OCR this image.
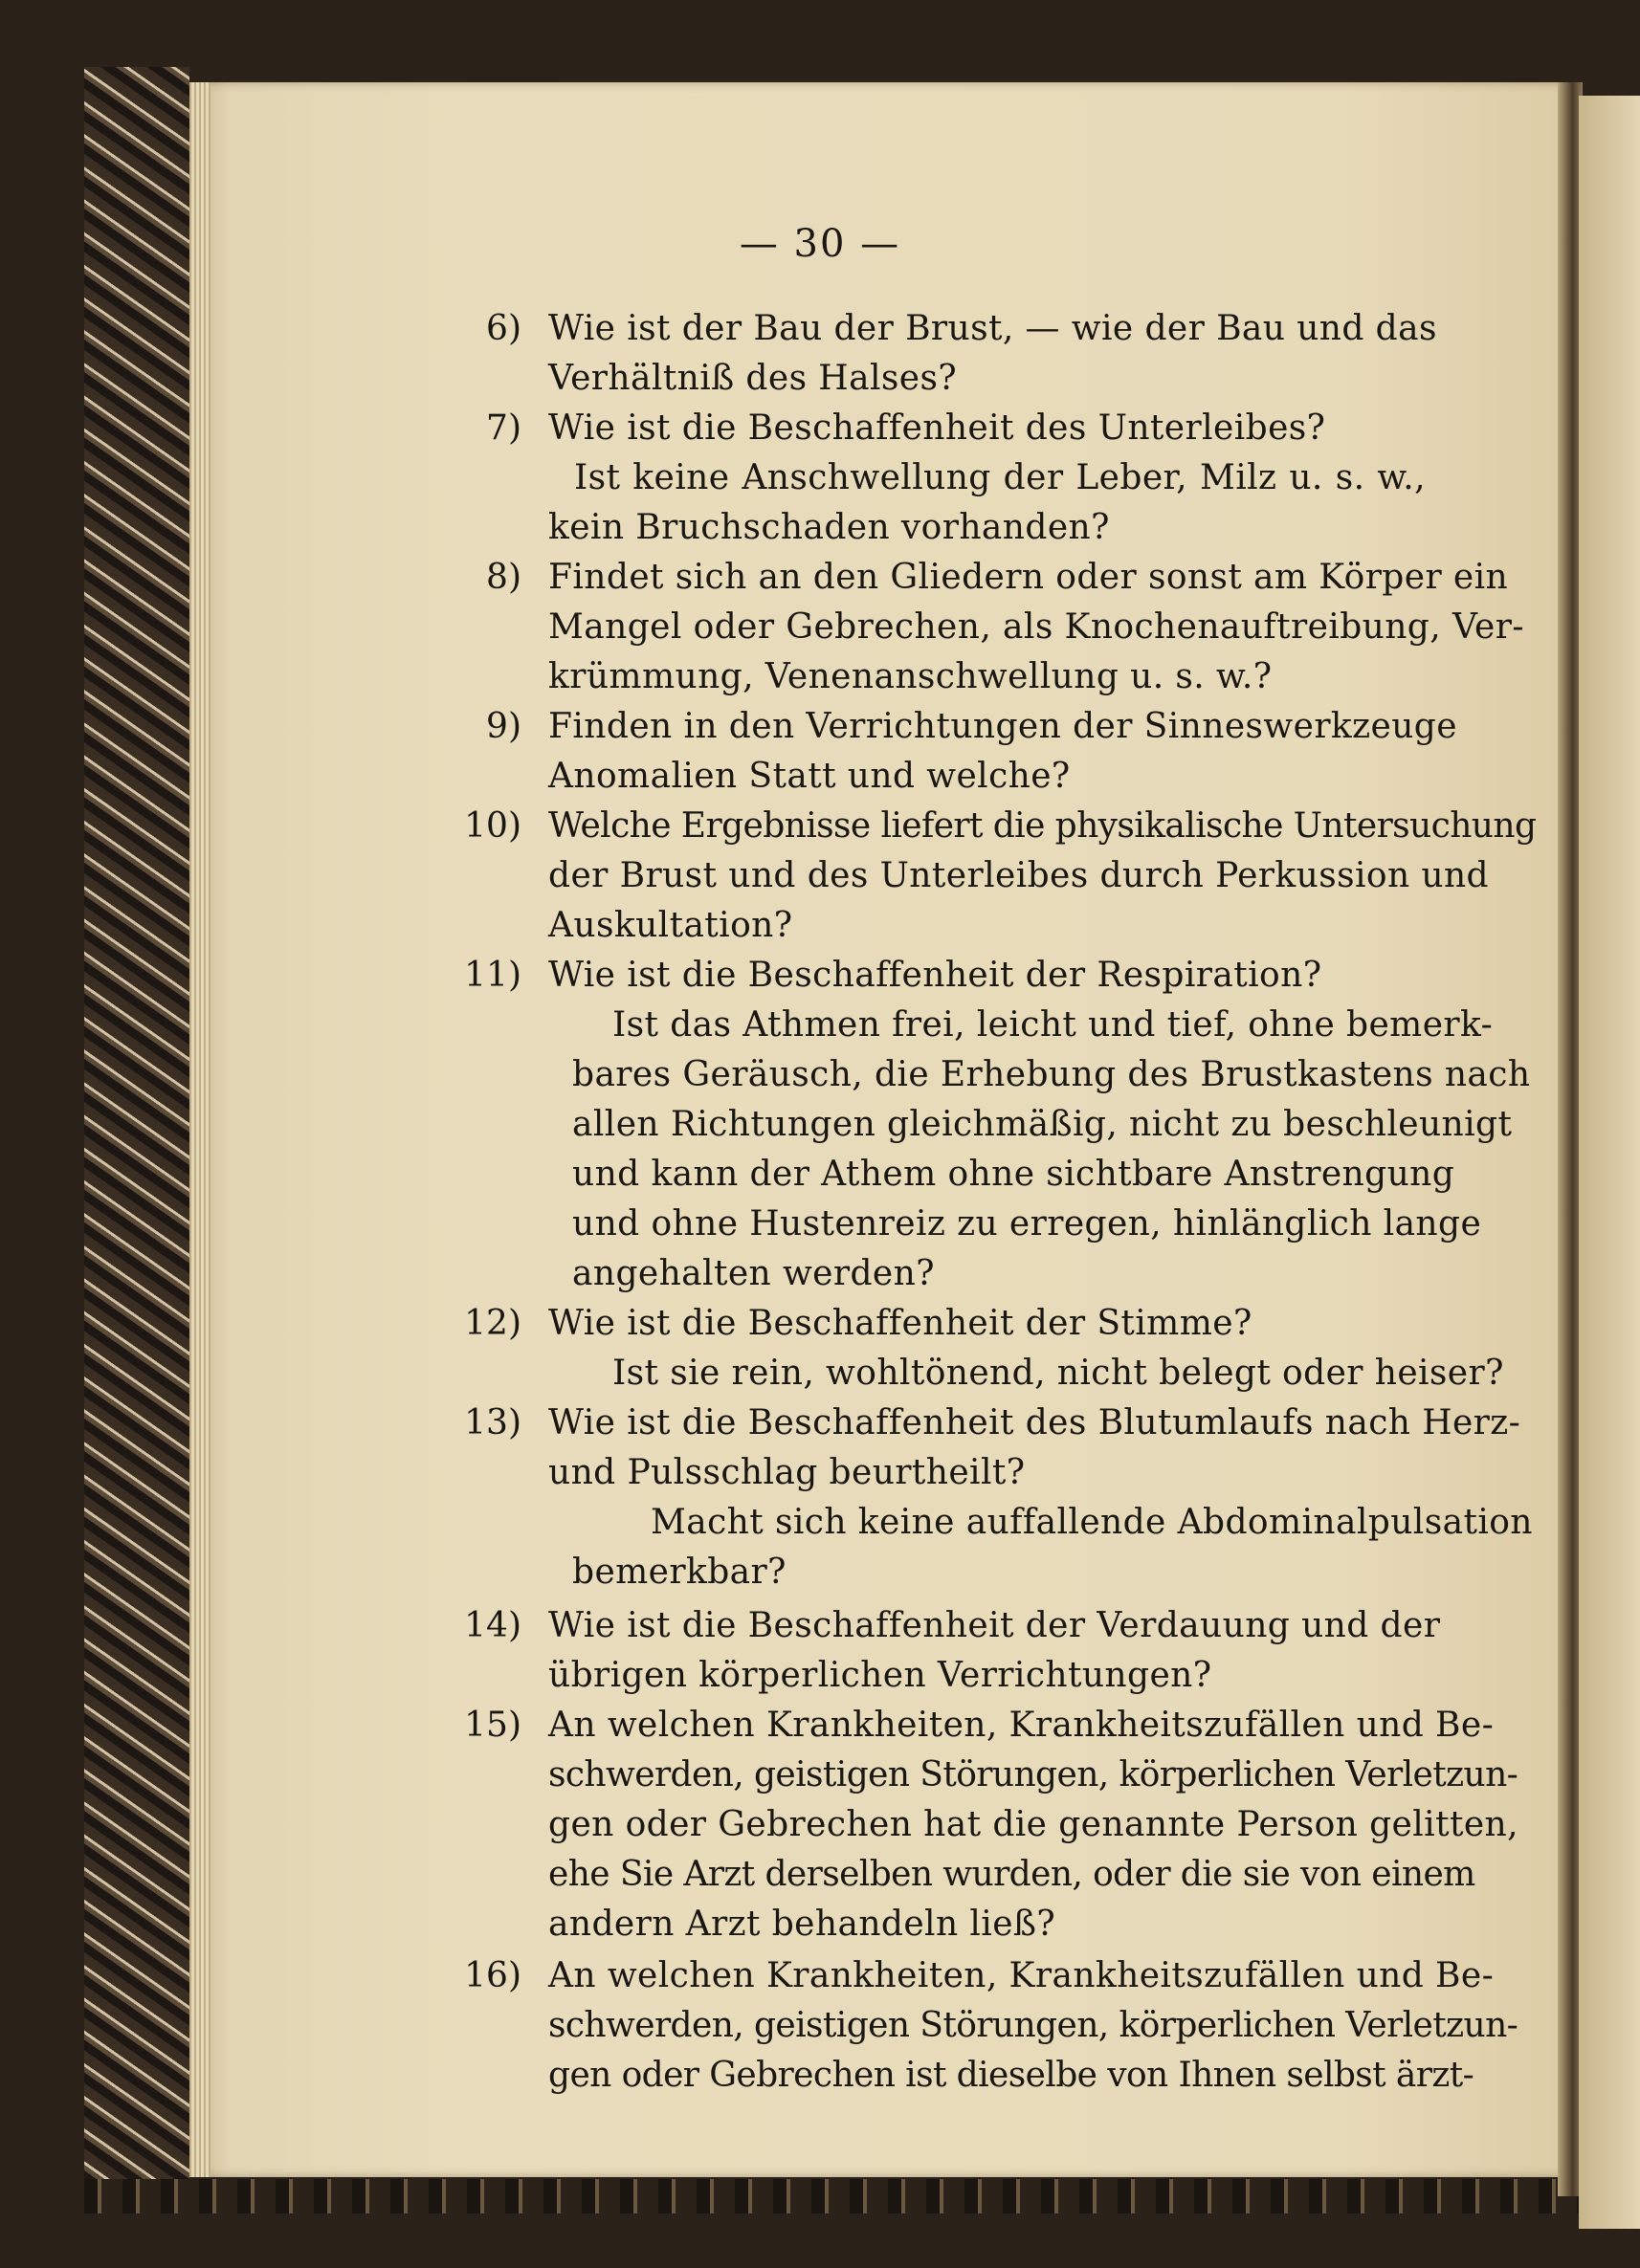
— 30 —
6) Wie ist der Bau der Brust, — wie der Bau und das
Verhältniß des Halses?
7) Wie ist die Beschaffenheit des Unterleibes?
Ist keine Anschwellung der Leber, Milz u. s. w.,
kein Bruchschaden vorhanden?
8) Findet sich an den Gliedern oder sonst am Körper ein
Mangel oder Gebrechen, als Knochenauftreibung, Ver-
krümmung, Venenanschwellung u. s. w.?
9) Finden in den Verrichtungen der Sinneswerkzeuge
Anomalien Statt und welche?
10) Welche Ergebnisse liefert die physikalische Untersuchung
der Brust und des Unterleibes durch Perkussion und
Auskultation?
11) Wie ist die Beschaffenheit der Respiration?
Ist das Athmen frei, leicht und tief, ohne bemerk-
bares Geräusch, die Erhebung des Brustkastens nach
allen Richtungen gleichmäßig, nicht zu beschleunigt
und kann der Athem ohne sichtbare Anstrengung
und ohne Hustenreiz zu erregen, hinlänglich lange
angehalten werden?
12) Wie ist die Beschaffenheit der Stimme?
Ist sie rein, wohltönend, nicht belegt oder heiser?
13) Wie ist die Beschaffenheit des Blutumlaufs nach Herz-
und Pulsschlag beurtheilt?
Macht sich keine auffallende Abdominalpulsation
bemerkbar?
14) Wie ist die Beschaffenheit der Verdauung und der
übrigen körperlichen Verrichtungen?
15) An welchen Krankheiten, Krankheitszufällen und Be-
schwerden, geistigen Störungen, körperlichen Verletzun-
gen oder Gebrechen hat die genannte Person gelitten,
ehe Sie Arzt derselben wurden, oder die sie von einem
andern Arzt behandeln ließ?
16) An welchen Krankheiten, Krankheitszufällen und Be-
schwerden, geistigen Störungen, körperlichen Verletzun-
gen oder Gebrechen ist dieselbe von Ihnen selbst ärzt-
